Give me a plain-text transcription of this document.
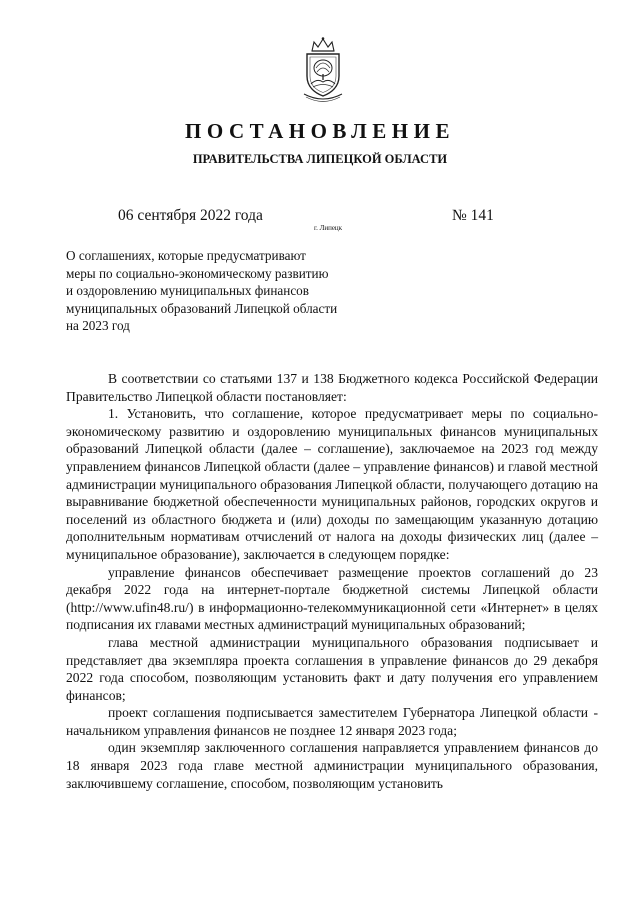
ПОСТАНОВЛЕНИЕ
ПРАВИТЕЛЬСТВА ЛИПЕЦКОЙ ОБЛАСТИ
06 сентября 2022 года
г. Липецк
№ 141
О соглашениях, которые предусматривают
меры по социально-экономическому развитию
и оздоровлению муниципальных финансов
муниципальных образований Липецкой области
на 2023 год

В соответствии со статьями 137 и 138 Бюджетного кодекса Российской Федерации Правительство Липецкой области постановляет:

1. Установить, что соглашение, которое предусматривает меры по социально-экономическому развитию и оздоровлению муниципальных финансов муниципальных образований Липецкой области (далее – соглашение), заключаемое на 2023 год между управлением финансов Липецкой области (далее – управление финансов) и главой местной администрации муниципального образования Липецкой области, получающего дотацию на выравнивание бюджетной обеспеченности муниципальных районов, городских округов и поселений из областного бюджета и (или) доходы по замещающим указанную дотацию дополнительным нормативам отчислений от налога на доходы физических лиц (далее – муниципальное образование), заключается в следующем порядке:

управление финансов обеспечивает размещение проектов соглашений до 23 декабря 2022 года на интернет-портале бюджетной системы Липецкой области (http://www.ufin48.ru/) в информационно-телекоммуникационной сети «Интернет» в целях подписания их главами местных администраций муниципальных образований;

глава местной администрации муниципального образования подписывает и представляет два экземпляра проекта соглашения в управление финансов до 29 декабря 2022 года способом, позволяющим установить факт и дату получения его управлением финансов;

проект соглашения подписывается заместителем Губернатора Липецкой области - начальником управления финансов не позднее 12 января 2023 года;

один экземпляр заключенного соглашения направляется управлением финансов до 18 января 2023 года главе местной администрации муниципального образования, заключившему соглашение, способом, позволяющим установить
